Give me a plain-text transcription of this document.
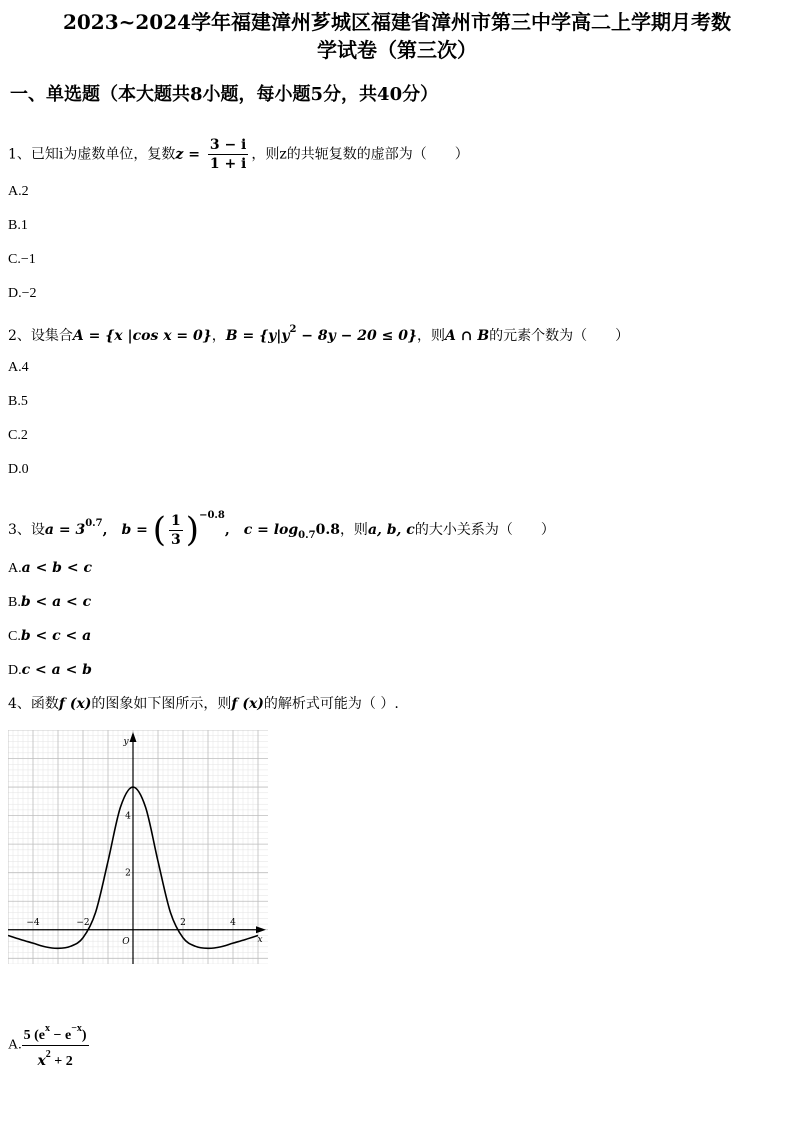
2023~2024学年福建漳州芗城区福建省漳州市第三中学高二上学期月考数
学试卷（第三次）
一、单选题（本大题共8小题，每小题5分，共40分）
1、已知i为虚数单位，复数$z = \frac{3 - i}{1 + i}$ ，则z的共轭复数的虚部为（　　）
A.2
B.1
C.−1
D.−2
2、设集合A = {x |cos x = 0}，$B = \{y|y^2 - 8y - 20 \le 0\}$，则A ∩ B的元素个数为（　　）
A.4
B.5
C.2
D.0
3、设$a = 3^{0.7}$,　b = ( $\frac{1}{3} )^{-0.8}$,　$c = \log_{0.7}0.8$，则a, b, c的大小关系为（　　）
A.a < b < c
B.b < a < c
C.b < c < a
D.c < a < b
4、函数f (x)的图象如下图所示，则f (x)的解析式可能为（ ）.
−4	−2	2	4
2
4
x
y
O
A. $\frac{5 (e^x - e^{-x})}{x^2 + 2}$
